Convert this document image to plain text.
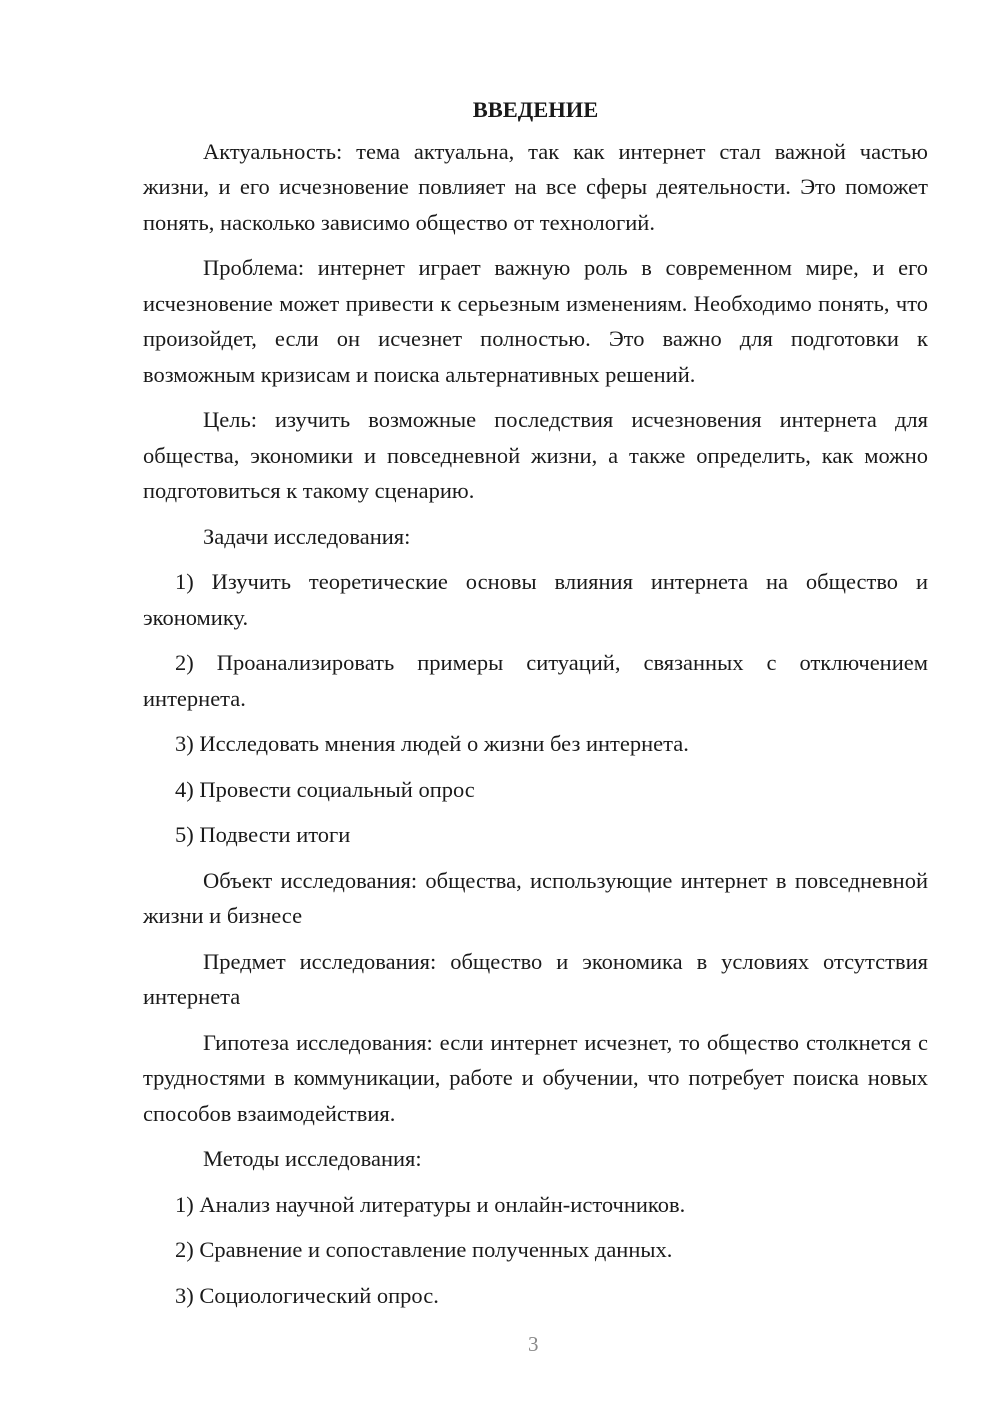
ВВЕДЕНИЕ

Актуальность: тема актуальна, так как интернет стал важной частью жизни, и его исчезновение повлияет на все сферы деятельности. Это поможет понять, насколько зависимо общество от технологий.

Проблема: интернет играет важную роль в современном мире, и его исчезновение может привести к серьезным изменениям. Необходимо понять, что произойдет, если он исчезнет полностью. Это важно для подготовки к возможным кризисам и поиска альтернативных решений.

Цель: изучить возможные последствия исчезновения интернета для общества, экономики и повседневной жизни, а также определить, как можно подготовиться к такому сценарию.

Задачи исследования:

1) Изучить теоретические основы влияния интернета на общество и экономику.

2) Проанализировать примеры ситуаций, связанных с отключением интернета.

3) Исследовать мнения людей о жизни без интернета.

4) Провести социальный опрос

5) Подвести итоги

Объект исследования: общества, использующие интернет в повседневной жизни и бизнесе

Предмет исследования: общество и экономика в условиях отсутствия интернета

Гипотеза исследования: если интернет исчезнет, то общество столкнется с трудностями в коммуникации, работе и обучении, что потребует поиска новых способов взаимодействия.

Методы исследования:

1) Анализ научной литературы и онлайн-источников.

2) Сравнение и сопоставление полученных данных.

3) Социологический опрос.

3
